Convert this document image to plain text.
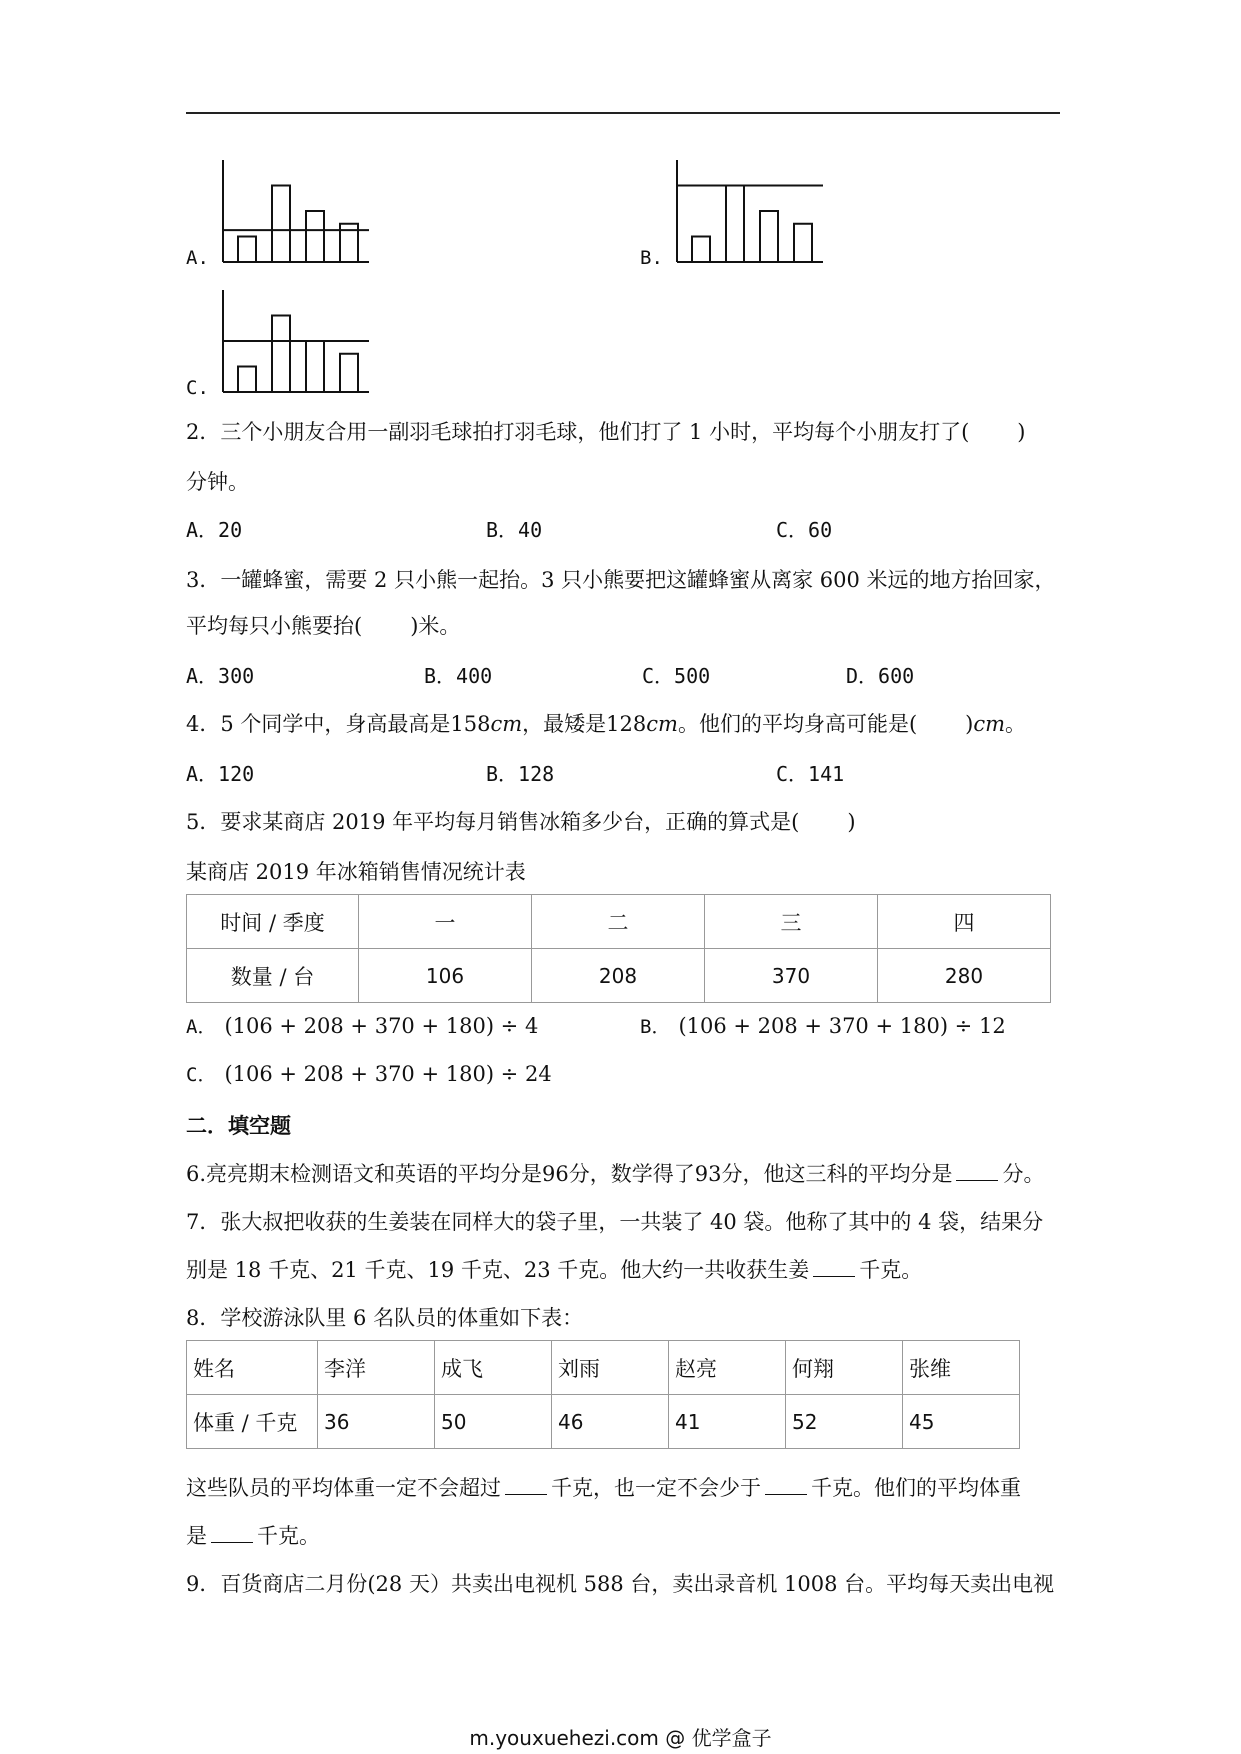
A.	B.
C.
2．三个小朋友合用一副羽毛球拍打羽毛球，他们打了 1 小时，平均每个小朋友打了( )
分钟。
A．20	B．40	C．60
3．一罐蜂蜜，需要 2 只小熊一起抬。3 只小熊要把这罐蜂蜜从离家 600 米远的地方抬回家，
平均每只小熊要抬( )米。
A．300	B．400	C．500	D．600
4．5 个同学中，身高最高是158cm，最矮是128cm。他们的平均身高可能是( )cm。
A．120	B．128	C．141
5．要求某商店 2019 年平均每月销售冰箱多少台，正确的算式是( )
某商店 2019 年冰箱销售情况统计表
时间 / 季度	一	二	三	四
数量 / 台	106	208	370	280
A． (106 + 208 + 370 + 180) ÷ 4	B． (106 + 208 + 370 + 180) ÷ 12
C． (106 + 208 + 370 + 180) ÷ 24
二．填空题
6.亮亮期末检测语文和英语的平均分是96分，数学得了93分，他这三科的平均分是 分。
7．张大叔把收获的生姜装在同样大的袋子里，一共装了 40 袋。他称了其中的 4 袋，结果分
别是 18 千克、21 千克、19 千克、23 千克。他大约一共收获生姜 千克。
8．学校游泳队里 6 名队员的体重如下表：
姓名	李洋	成飞	刘雨	赵亮	何翔	张维
体重 / 千克	36	50	46	41	52	45
这些队员的平均体重一定不会超过 千克，也一定不会少于 千克。他们的平均体重
是 千克。
9．百货商店二月份(28 天）共卖出电视机 588 台，卖出录音机 1008 台。平均每天卖出电视
m.youxuehezi.com @ 优学盒子
